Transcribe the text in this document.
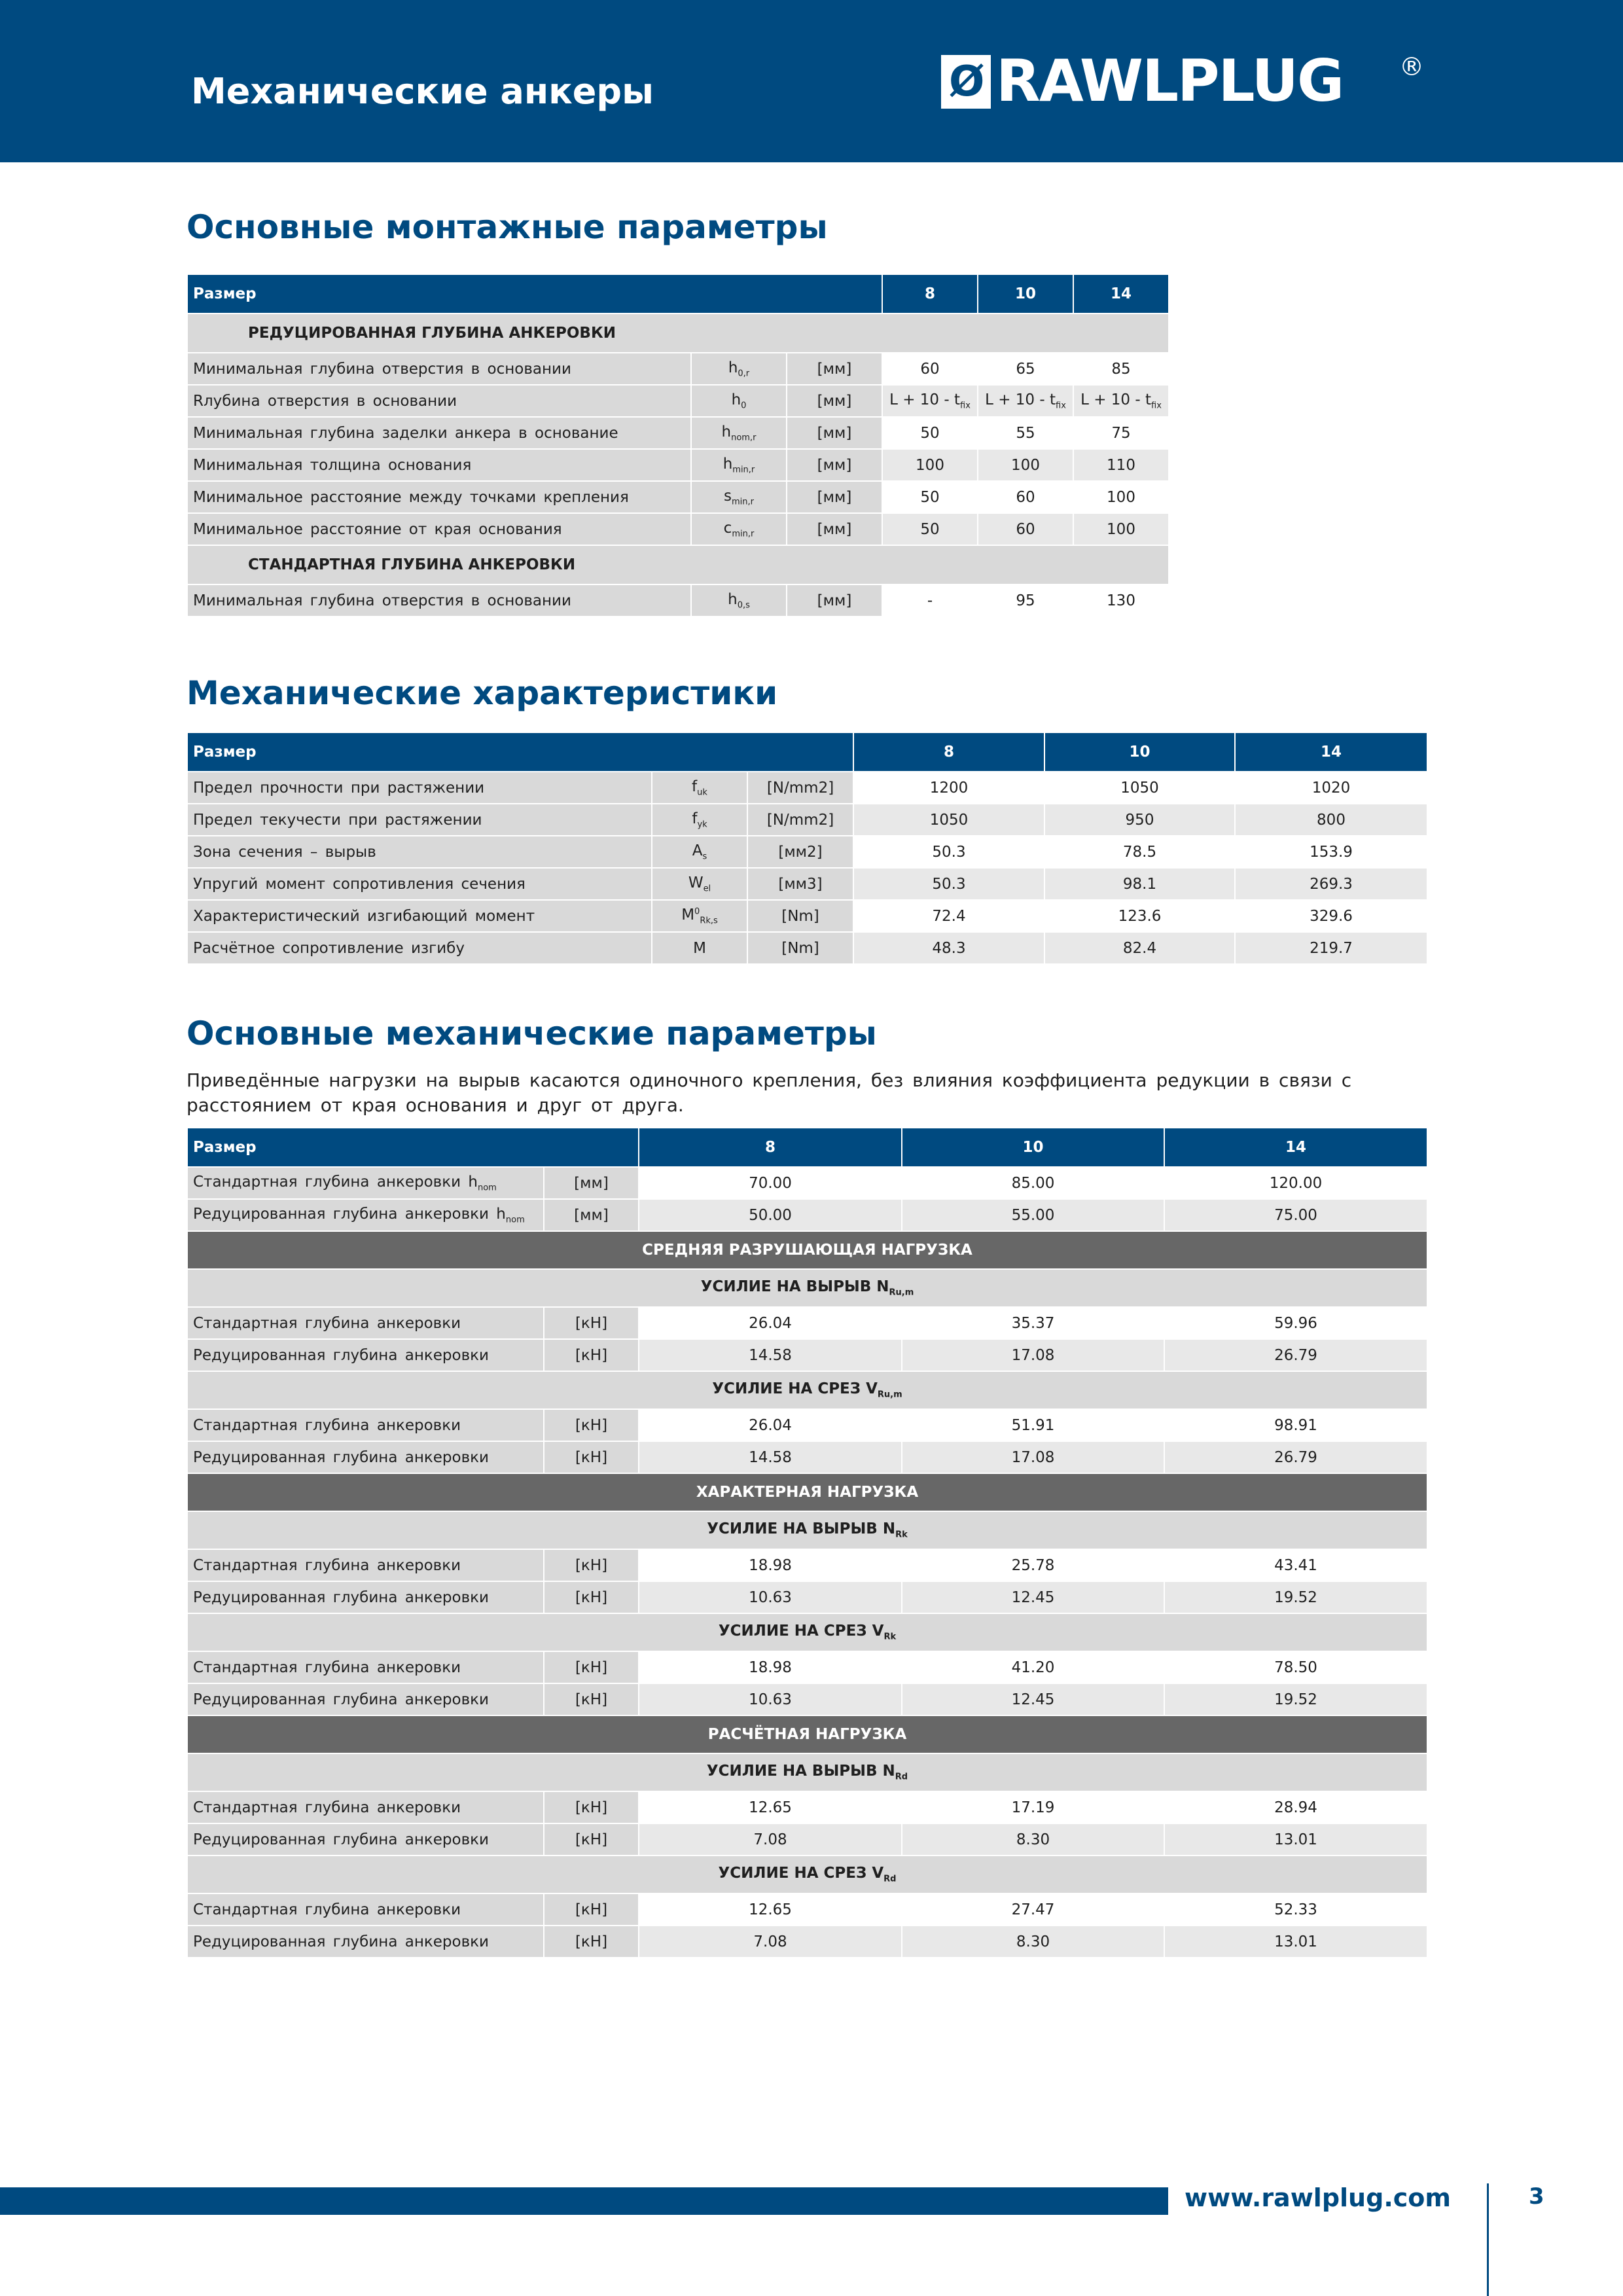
Механические анкеры	Ø RAWLPLUG ®
Основные монтажные параметры
Размер			8	10	14
РЕДУЦИРОВАННАЯ ГЛУБИНА АНКЕРОВКИ					
Минимальная глубина отверстия в основании	$h_{0,r}$	[мм]	60	65	85
Rлубина отверстия в основании	$h_0$	[мм]	$L + 10 - t_{fix}$	$L + 10 - t_{fix}$	$L + 10 - t_{fix}$
Минимальная глубина заделки анкера в основание	$h_{nom,r}$	[мм]	50	55	75
Минимальная толщина основания	$h_{min,r}$	[мм]	100	100	110
Минимальное расстояние между точками крепления	$s_{min,r}$	[мм]	50	60	100
Минимальное расстояние от края основания	$c_{min,r}$	[мм]	50	60	100
СТАНДАРТНАЯ ГЛУБИНА АНКЕРОВКИ					
Минимальная глубина отверстия в основании	$h_{0,s}$	[мм]	-	95	130
Механические характеристики
Размер			8	10	14
Предел прочности при растяжении	$f_{uk}$	[N/mm2]	1200	1050	1020
Предел текучести при растяжении	$f_{yk}$	[N/mm2]	1050	950	800
Зона сечения – вырыв	$A_s$	[мм2]	50.3	78.5	153.9
Упругий момент сопротивления сечения	$W_{el}$	[мм3]	50.3	98.1	269.3
Характеристический изгибающий момент	$M^0_{Rk,s}$	[Nm]	72.4	123.6	329.6
Расчётное сопротивление изгибу	M	[Nm]	48.3	82.4	219.7
Основные механические параметры

Приведённые нагрузки на вырыв касаются одиночного крепления, без влияния коэффициента редукции в связи с расстоянием от края основания и друг от друга.

Размер		8	10	14
Стандартная глубина анкеровки $h_{nom}$	[мм]	70.00	85.00	120.00
Редуцированная глубина анкеровки $h_{nom}$	[мм]	50.00	55.00	75.00
СРЕДНЯЯ РАЗРУШАЮЩАЯ НАГРУЗКА				
УСИЛИЕ НА ВЫРЫВ $N_{Ru,m}$
Стандартная глубина анкеровки	[кН]	26.04	35.37	59.96
Редуцированная глубина анкеровки	[кН]	14.58	17.08	26.79
УСИЛИЕ НА СРЕЗ $V_{Ru,m}$
Стандартная глубина анкеровки	[кН]	26.04	51.91	98.91
Редуцированная глубина анкеровки	[кН]	14.58	17.08	26.79
ХАРАКТЕРНАЯ НАГРУЗКА				
УСИЛИЕ НА ВЫРЫВ $N_{Rk}$
Стандартная глубина анкеровки	[кН]	18.98	25.78	43.41
Редуцированная глубина анкеровки	[кН]	10.63	12.45	19.52
УСИЛИЕ НА СРЕЗ $V_{Rk}$
Стандартная глубина анкеровки	[кН]	18.98	41.20	78.50
Редуцированная глубина анкеровки	[кН]	10.63	12.45	19.52
РАСЧЁТНАЯ НАГРУЗКА				
УСИЛИЕ НА ВЫРЫВ $N_{Rd}$
Стандартная глубина анкеровки	[кН]	12.65	17.19	28.94
Редуцированная глубина анкеровки	[кН]	7.08	8.30	13.01
УСИЛИЕ НА СРЕЗ $V_{Rd}$
Стандартная глубина анкеровки	[кН]	12.65	27.47	52.33
Редуцированная глубина анкеровки	[кН]	7.08	8.30	13.01
www.rawlplug.com	3
